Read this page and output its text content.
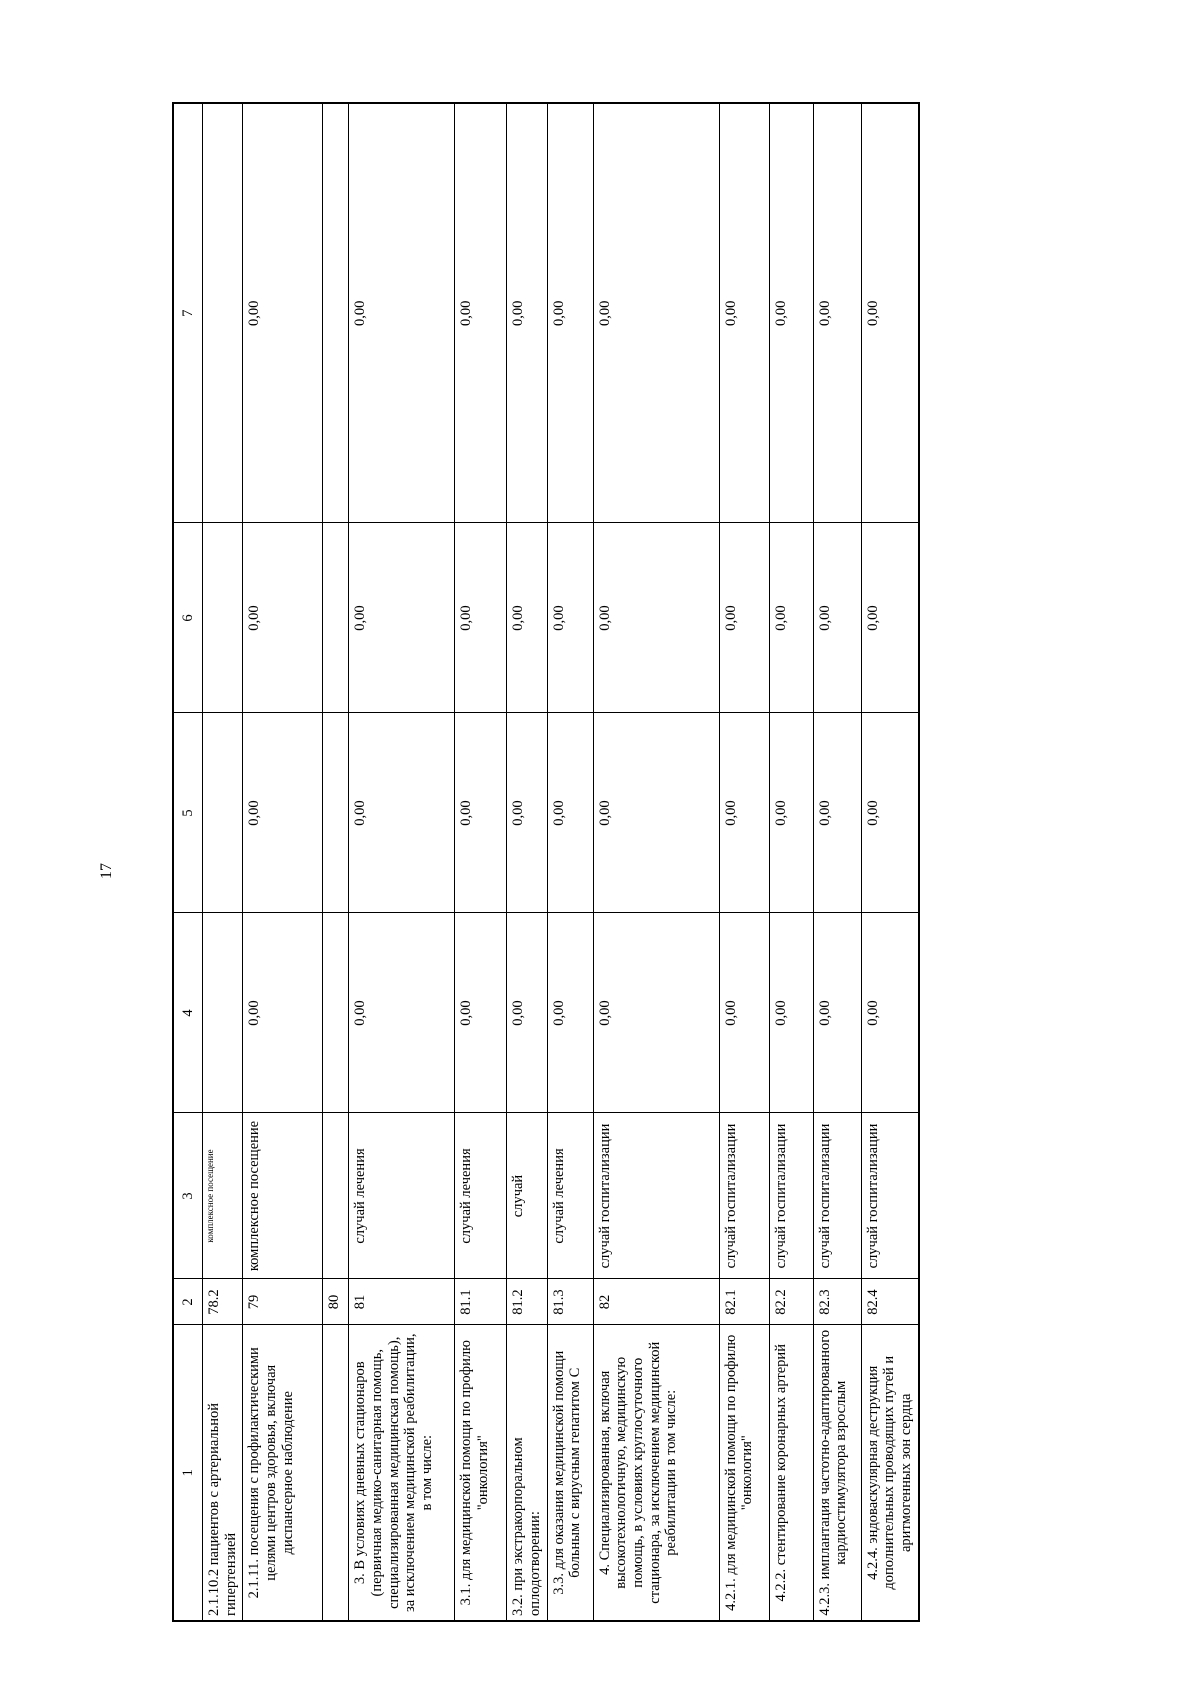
17
1	2	3	4	5	6	7
2.1.10.2 пациентов с артериальной гипертензией	78.2	комплексное посещение				
2.1.11. посещения с профилактическими целями центров здоровья, включая диспансерное наблюдение	79	комплексное посещение	0,00	0,00	0,00	0,00
	80					
3. В условиях дневных стационаров (первичная медико-санитарная помощь, специализированная медицинская помощь), за исключением медицинской реабилитации, в том числе:	81	случай лечения	0,00	0,00	0,00	0,00
3.1. для медицинской помощи по профилю "онкология"	81.1	случай лечения	0,00	0,00	0,00	0,00
3.2. при экстракорпоральном оплодотворении:	81.2	случай	0,00	0,00	0,00	0,00
3.3. для оказания медицинской помощи больным с вирусным гепатитом С	81.3	случай лечения	0,00	0,00	0,00	0,00
4. Специализированная, включая высокотехнологичную, медицинскую помощь, в условиях круглосуточного стационара, за исключением медицинской реабилитации в том числе:	82	случай госпитализации	0,00	0,00	0,00	0,00
4.2.1. для медицинской помощи по профилю "онкология"	82.1	случай госпитализации	0,00	0,00	0,00	0,00
4.2.2. стентирование коронарных артерий	82.2	случай госпитализации	0,00	0,00	0,00	0,00
4.2.3. имплантация частотно-адаптированного кардиостимулятора взрослым	82.3	случай госпитализации	0,00	0,00	0,00	0,00
4.2.4. эндоваскулярная деструкция дополнительных проводящих путей и аритмогенных зон сердца	82.4	случай госпитализации	0,00	0,00	0,00	0,00
